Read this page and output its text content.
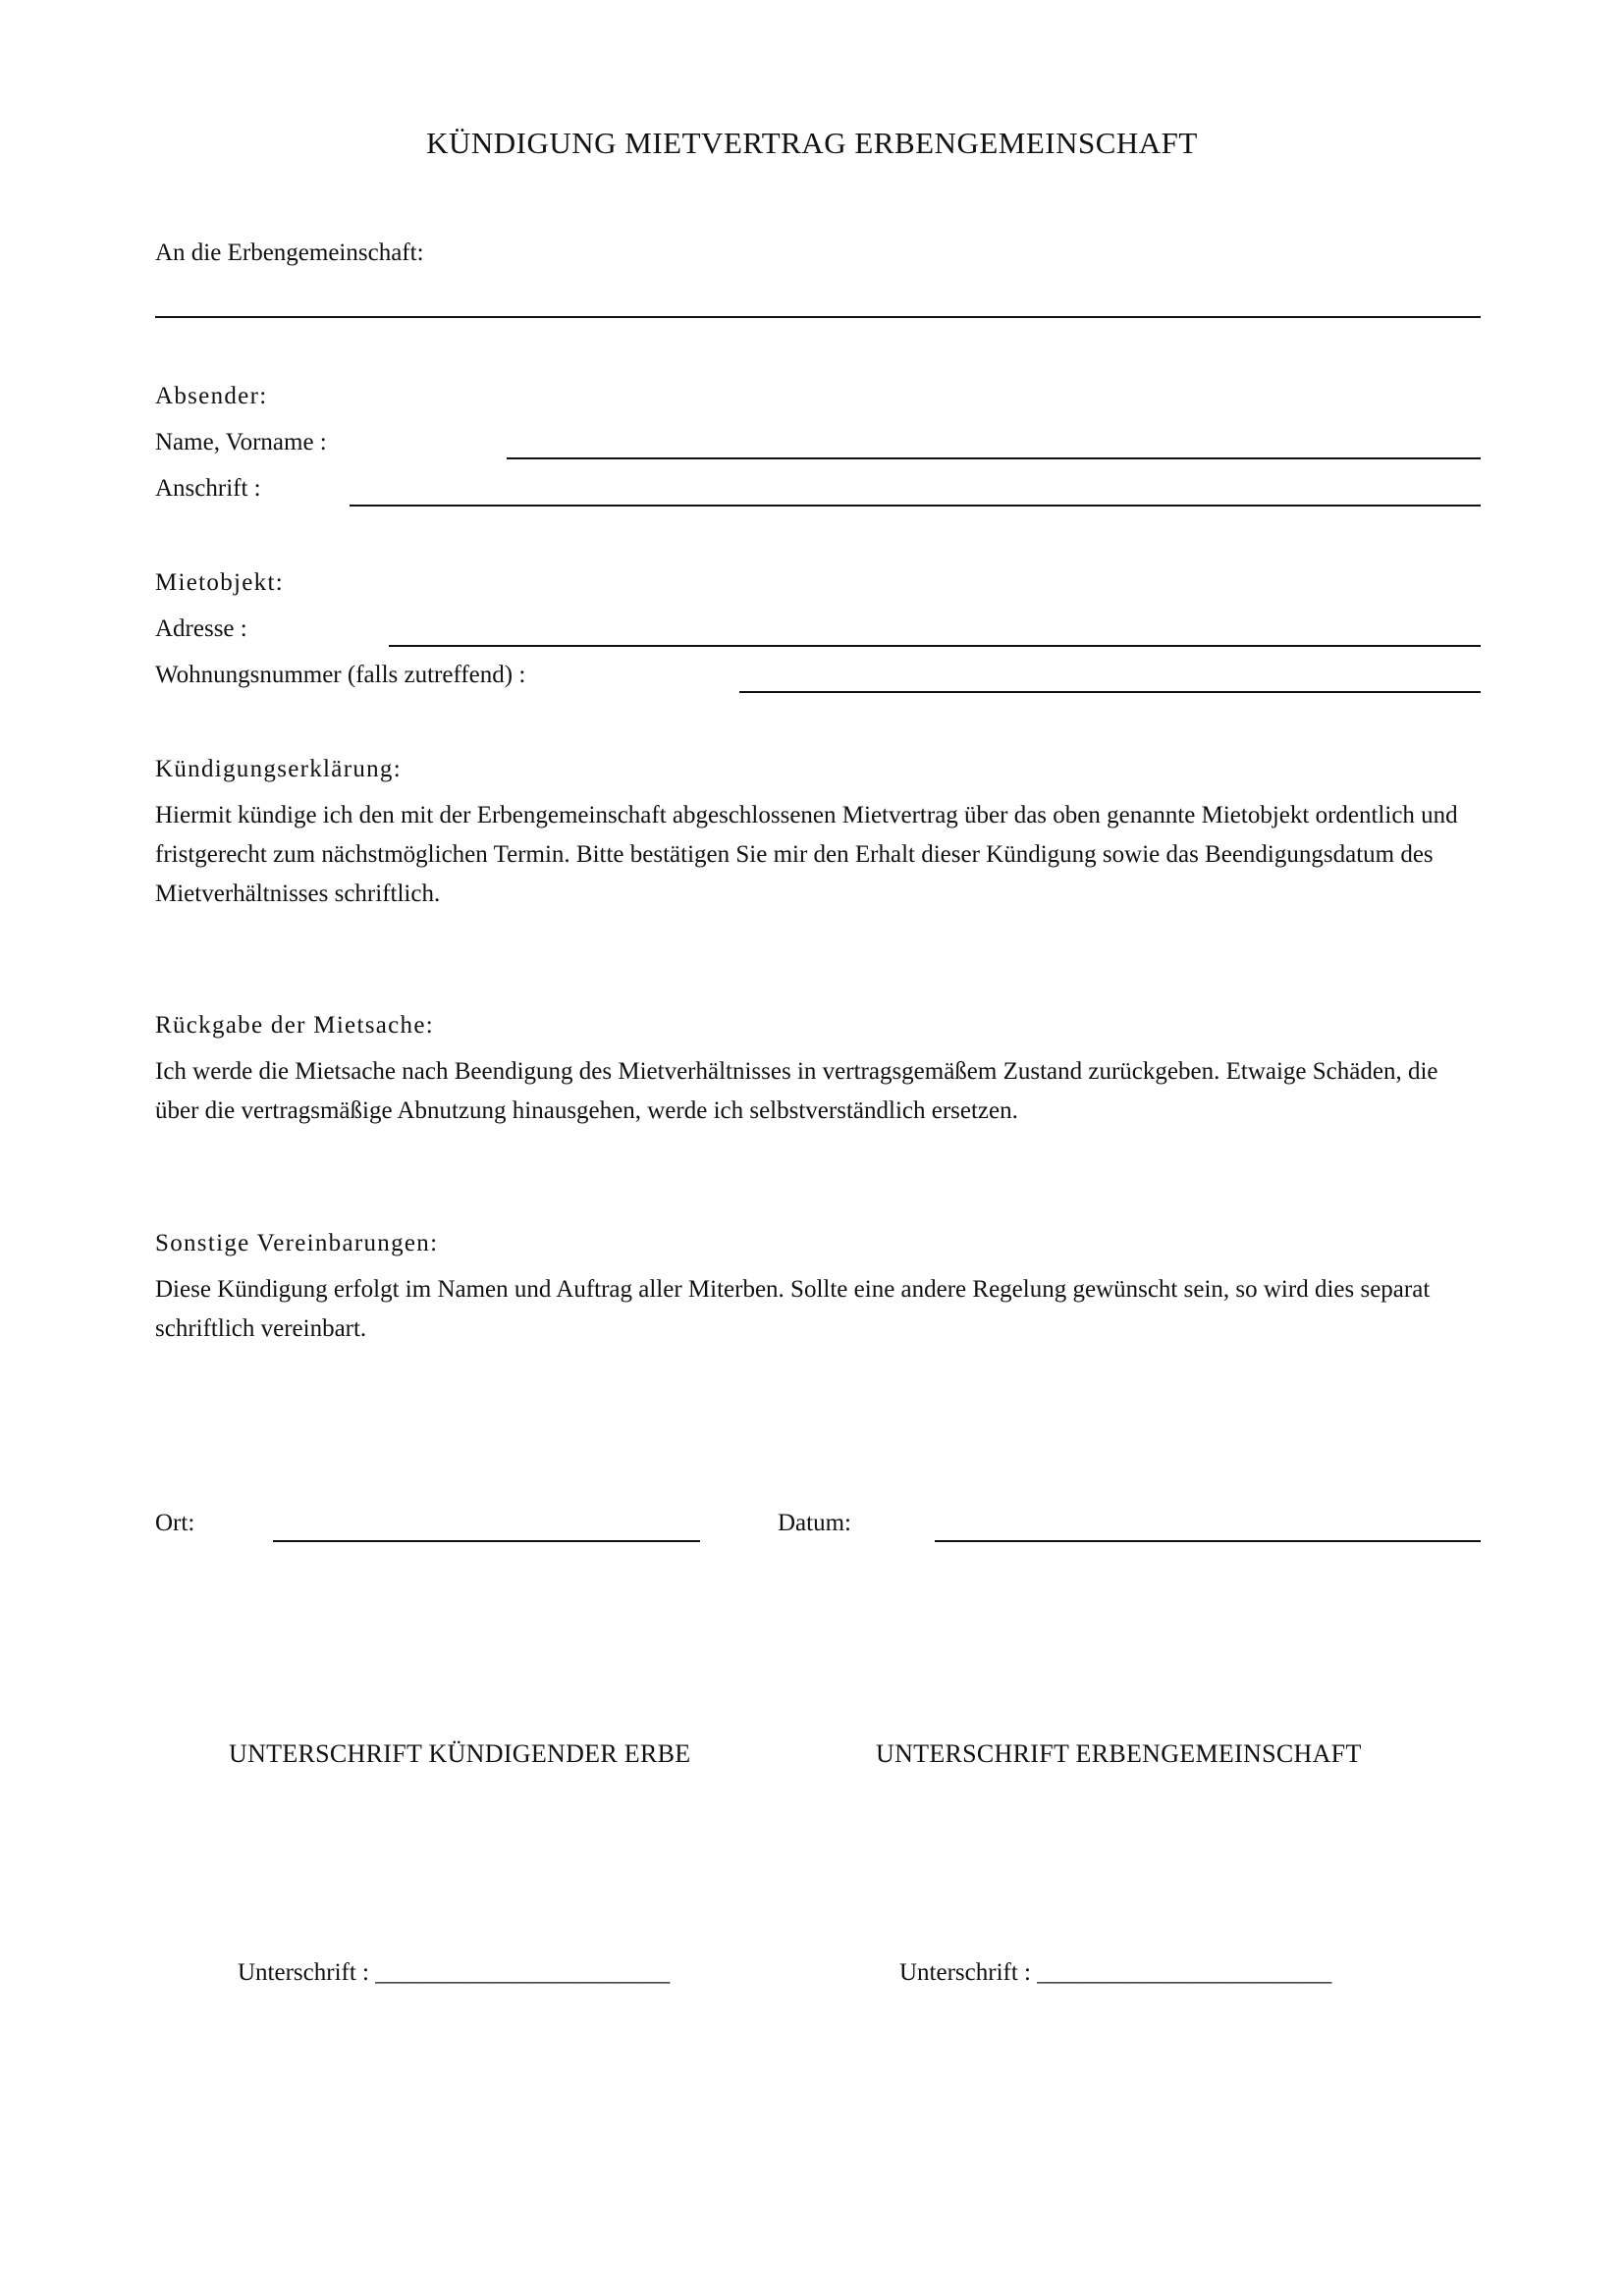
KÜNDIGUNG MIETVERTRAG ERBENGEMEINSCHAFT
An die Erbengemeinschaft:
Absender:
Name, Vorname :
Anschrift :
Mietobjekt:
Adresse :
Wohnungsnummer (falls zutreffend) :
Kündigungserklärung:
Hiermit kündige ich den mit der Erbengemeinschaft abgeschlossenen Mietvertrag über das oben genannte Mietobjekt ordentlich und fristgerecht zum nächstmöglichen Termin. Bitte bestätigen Sie mir den Erhalt dieser Kündigung sowie das Beendigungsdatum des Mietverhältnisses schriftlich.
Rückgabe der Mietsache:
Ich werde die Mietsache nach Beendigung des Mietverhältnisses in vertragsgemäßem Zustand zurückgeben. Etwaige Schäden, die über die vertragsmäßige Abnutzung hinausgehen, werde ich selbstverständlich ersetzen.
Sonstige Vereinbarungen:
Diese Kündigung erfolgt im Namen und Auftrag aller Miterben. Sollte eine andere Regelung gewünscht sein, so wird dies separat schriftlich vereinbart.
Ort:	Datum:
UNTERSCHRIFT KÜNDIGENDER ERBE	UNTERSCHRIFT ERBENGEMEINSCHAFT
Unterschrift : ________________________	Unterschrift : ________________________
